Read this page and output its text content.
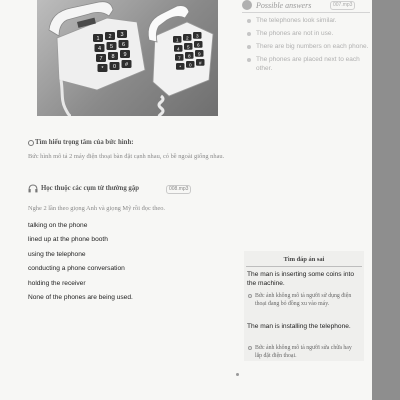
1 2 3
4 5 6
7 8 9
* 0 #
1 2 3
4 5 6
7 8 9
* 0 #
Possible answers	007.mp3
The telephones look similar.
The phones are not in use.
There are big numbers on each phone.
The phones are placed next to each other.
Tìm hiểu trọng tâm của bức hình:
Bức hình mô tả 2 máy điện thoại bàn đặt cạnh nhau, có bề ngoài giống nhau.
Học thuộc các cụm từ thường gặp	008.mp3
Nghe 2 lần theo giọng Anh và giọng Mỹ rồi đọc theo.
talking on the phone
lined up at the phone booth
using the telephone
conducting a phone conversation
holding the receiver
None of the phones are being used.
Tìm đáp án sai
The man is inserting some coins into the machine.
Bức ảnh không mô tả người sử dụng điện thoại đang bỏ đồng xu vào máy.
The man is installing the telephone.
Bức ảnh không mô tả người sửa chữa hay lắp đặt điện thoại.
